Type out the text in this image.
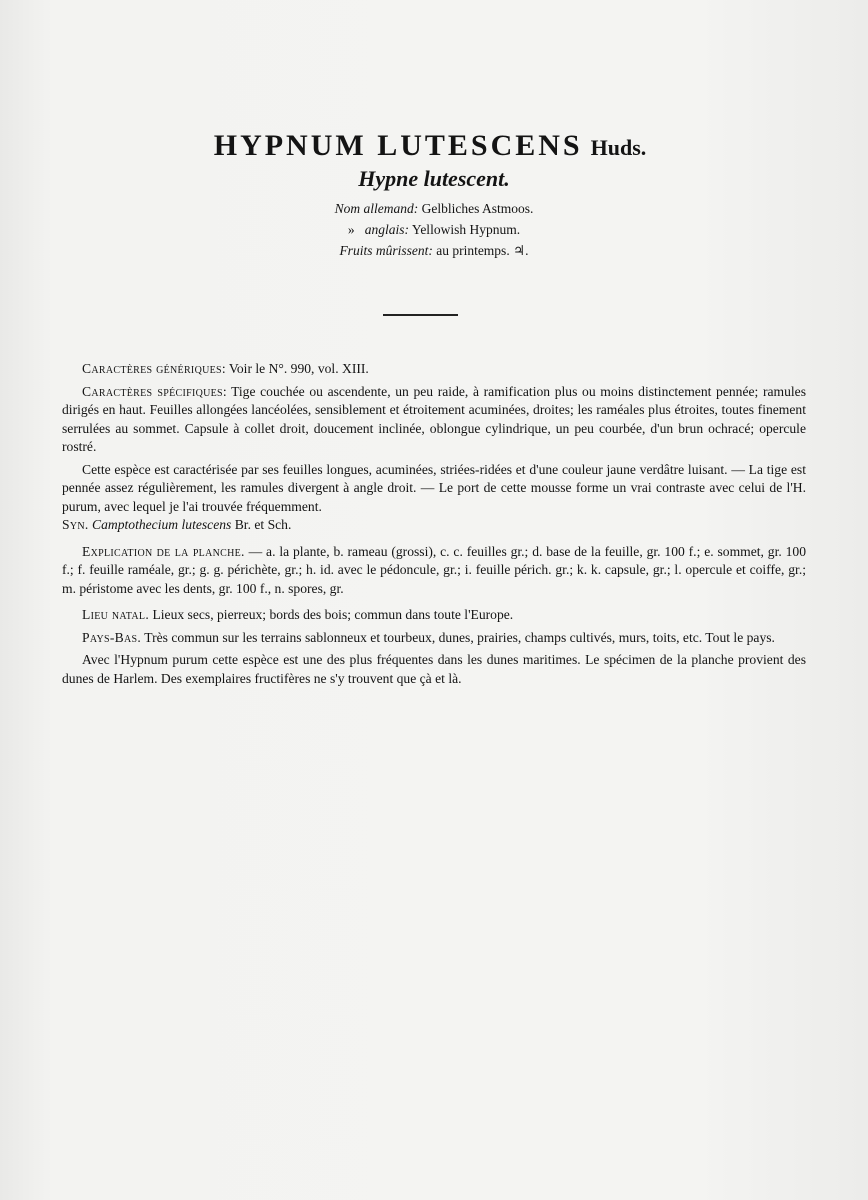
HYPNUM LUTESCENS Huds.

Hypne lutescent.

Nom allemand: Gelbliches Astmoos.
» anglais: Yellowish Hypnum.
Fruits mûrissent: au printemps. ♃.

Caractères génériques: Voir le N°. 990, vol. XIII.

Caractères spécifiques: Tige couchée ou ascendente, un peu raide, à ramification plus ou moins distinctement pennée; ramules dirigés en haut. Feuilles allongées lancéolées, sensiblement et étroitement acuminées, droites; les raméales plus étroites, toutes finement serrulées au sommet. Capsule à collet droit, doucement inclinée, oblongue cylindrique, un peu courbée, d'un brun ochracé; opercule rostré.

Cette espèce est caractérisée par ses feuilles longues, acuminées, striées-ridées et d'une couleur jaune verdâtre luisant. — La tige est pennée assez régulièrement, les ramules divergent à angle droit. — Le port de cette mousse forme un vrai contraste avec celui de l'H. purum, avec lequel je l'ai trouvée fréquemment.
Syn. Camptothecium lutescens Br. et Sch.

Explication de la planche. — a. la plante, b. rameau (grossi), c. c. feuilles gr.; d. base de la feuille, gr. 100 f.; e. sommet, gr. 100 f.; f. feuille raméale, gr.; g. g. périchète, gr.; h. id. avec le pédoncule, gr.; i. feuille périch. gr.; k. k. capsule, gr.; l. opercule et coiffe, gr.; m. péristome avec les dents, gr. 100 f., n. spores, gr.

Lieu natal. Lieux secs, pierreux; bords des bois; commun dans toute l'Europe.

Pays-Bas. Très commun sur les terrains sablonneux et tourbeux, dunes, prairies, champs cultivés, murs, toits, etc. Tout le pays.

Avec l'Hypnum purum cette espèce est une des plus fréquentes dans les dunes maritimes. Le spécimen de la planche provient des dunes de Harlem. Des exemplaires fructifères ne s'y trouvent que çà et là.
